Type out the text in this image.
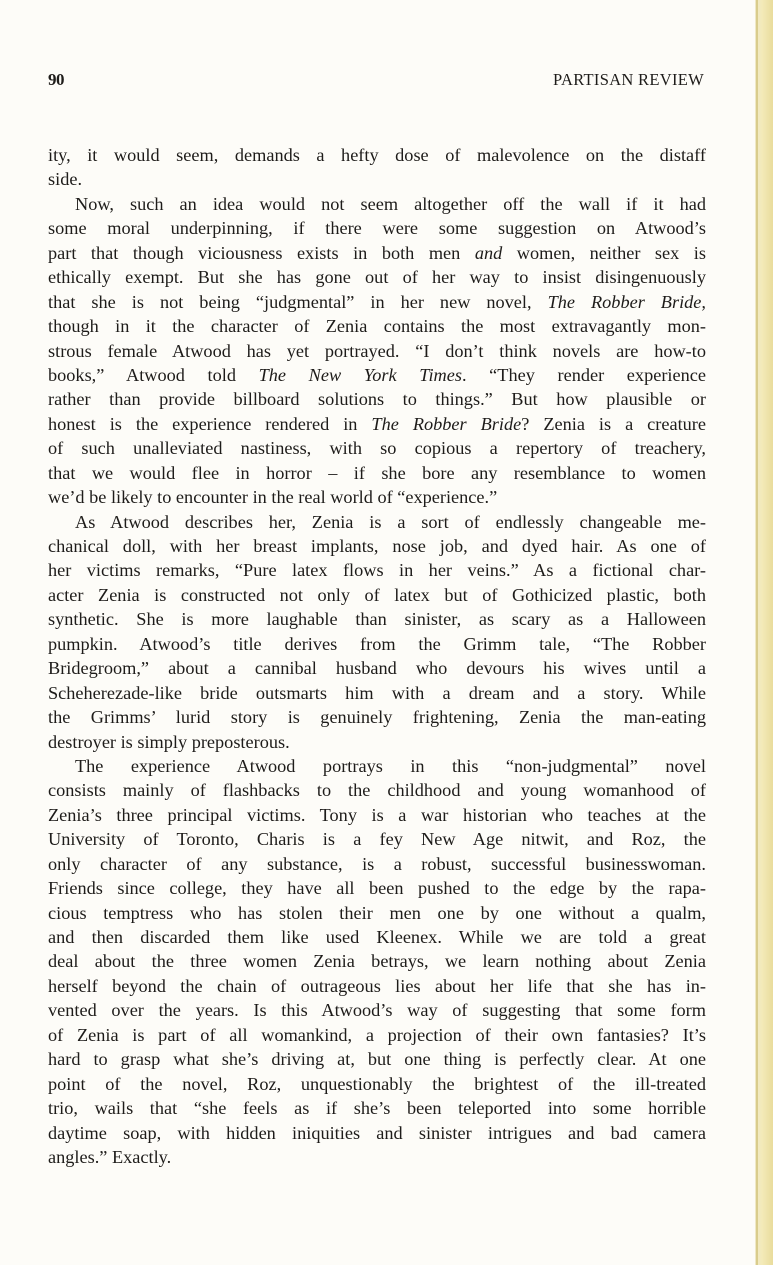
90	PARTISAN REVIEW
ity, it would seem, demands a hefty dose of malevolence on the distaff
side.
Now, such an idea would not seem altogether off the wall if it had
some moral underpinning, if there were some suggestion on Atwood’s
part that though viciousness exists in both men and women, neither sex is
ethically exempt. But she has gone out of her way to insist disingenuously
that she is not being “judgmental” in her new novel, The Robber Bride,
though in it the character of Zenia contains the most extravagantly mon-
strous female Atwood has yet portrayed. “I don’t think novels are how-to
books,” Atwood told The New York Times. “They render experience
rather than provide billboard solutions to things.” But how plausible or
honest is the experience rendered in The Robber Bride? Zenia is a creature
of such unalleviated nastiness, with so copious a repertory of treachery,
that we would flee in horror – if she bore any resemblance to women
we’d be likely to encounter in the real world of “experience.”
As Atwood describes her, Zenia is a sort of endlessly changeable me-
chanical doll, with her breast implants, nose job, and dyed hair. As one of
her victims remarks, “Pure latex flows in her veins.” As a fictional char-
acter Zenia is constructed not only of latex but of Gothicized plastic, both
synthetic. She is more laughable than sinister, as scary as a Halloween
pumpkin. Atwood’s title derives from the Grimm tale, “The Robber
Bridegroom,” about a cannibal husband who devours his wives until a
Scheherezade-like bride outsmarts him with a dream and a story. While
the Grimms’ lurid story is genuinely frightening, Zenia the man-eating
destroyer is simply preposterous.
The experience Atwood portrays in this “non-judgmental” novel
consists mainly of flashbacks to the childhood and young womanhood of
Zenia’s three principal victims. Tony is a war historian who teaches at the
University of Toronto, Charis is a fey New Age nitwit, and Roz, the
only character of any substance, is a robust, successful businesswoman.
Friends since college, they have all been pushed to the edge by the rapa-
cious temptress who has stolen their men one by one without a qualm,
and then discarded them like used Kleenex. While we are told a great
deal about the three women Zenia betrays, we learn nothing about Zenia
herself beyond the chain of outrageous lies about her life that she has in-
vented over the years. Is this Atwood’s way of suggesting that some form
of Zenia is part of all womankind, a projection of their own fantasies? It’s
hard to grasp what she’s driving at, but one thing is perfectly clear. At one
point of the novel, Roz, unquestionably the brightest of the ill-treated
trio, wails that “she feels as if she’s been teleported into some horrible
daytime soap, with hidden iniquities and sinister intrigues and bad camera
angles.” Exactly.
